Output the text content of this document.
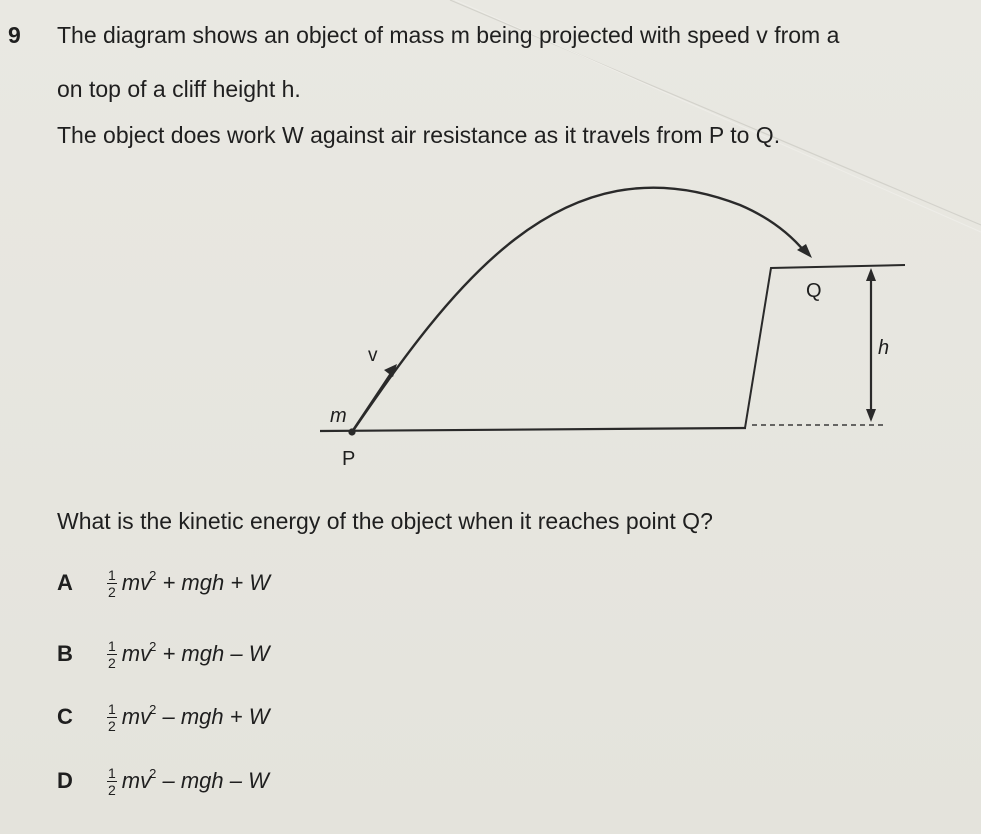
9 The diagram shows an object of mass m being projected with speed v from a
on top of a cliff height h.
The object does work W against air resistance as it travels from P to Q.
v
m
P
Q
h
What is the kinetic energy of the object when it reaches point Q?
A	$\frac{1}{2}$ mv
2 + mgh + W
B	$\frac{1}{2}$ mv
2 + mgh – W
C	$\frac{1}{2}$ mv
2 – mgh + W
D	$\frac{1}{2}$ mv
2 – mgh – W
